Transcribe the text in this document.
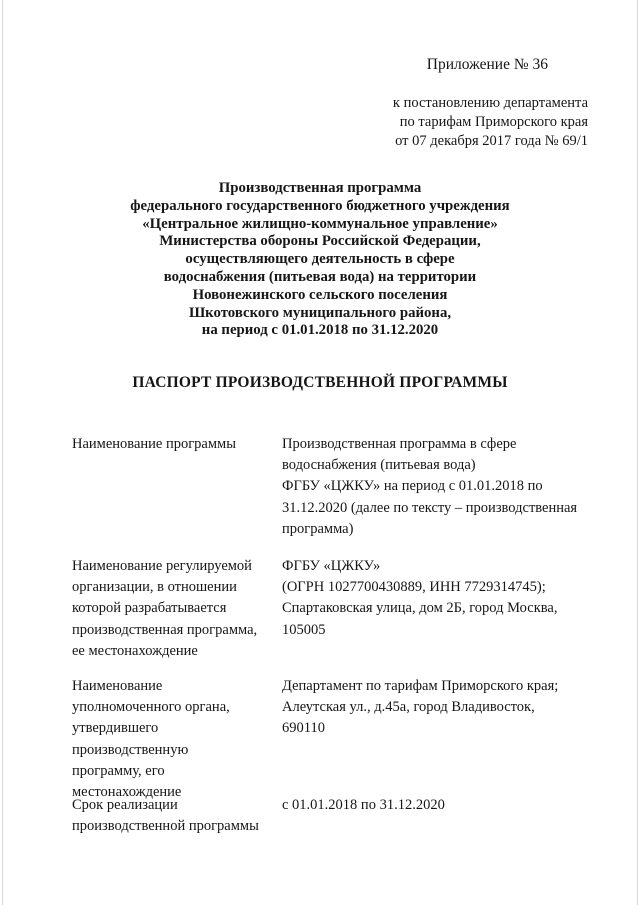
Приложение № 36
к постановлению департамента
по тарифам Приморского края
от 07 декабря 2017 года № 69/1
Производственная программа
федерального государственного бюджетного учреждения
«Центральное жилищно-коммунальное управление»
Министерства обороны Российской Федерации,
осуществляющего деятельность в сфере
водоснабжения (питьевая вода) на территории
Новонежинского сельского поселения
Шкотовского муниципального района,
на период с 01.01.2018 по 31.12.2020
ПАСПОРТ ПРОИЗВОДСТВЕННОЙ ПРОГРАММЫ
Наименование программы	Производственная программа в сфере
водоснабжения (питьевая вода)
ФГБУ «ЦЖКУ» на период с 01.01.2018 по
31.12.2020 (далее по тексту – производственная
программа)
Наименование регулируемой
организации, в отношении
которой разрабатывается
производственная программа,
ее местонахождение
ФГБУ «ЦЖКУ»
(ОГРН 1027700430889, ИНН 7729314745);
Спартаковская улица, дом 2Б, город Москва,
105005
Наименование
уполномоченного органа,
утвердившего
производственную
программу, его
местонахождение
Департамент по тарифам Приморского края;
Алеутская ул., д.45а, город Владивосток,
690110
Срок реализации
производственной программы
с 01.01.2018 по 31.12.2020
